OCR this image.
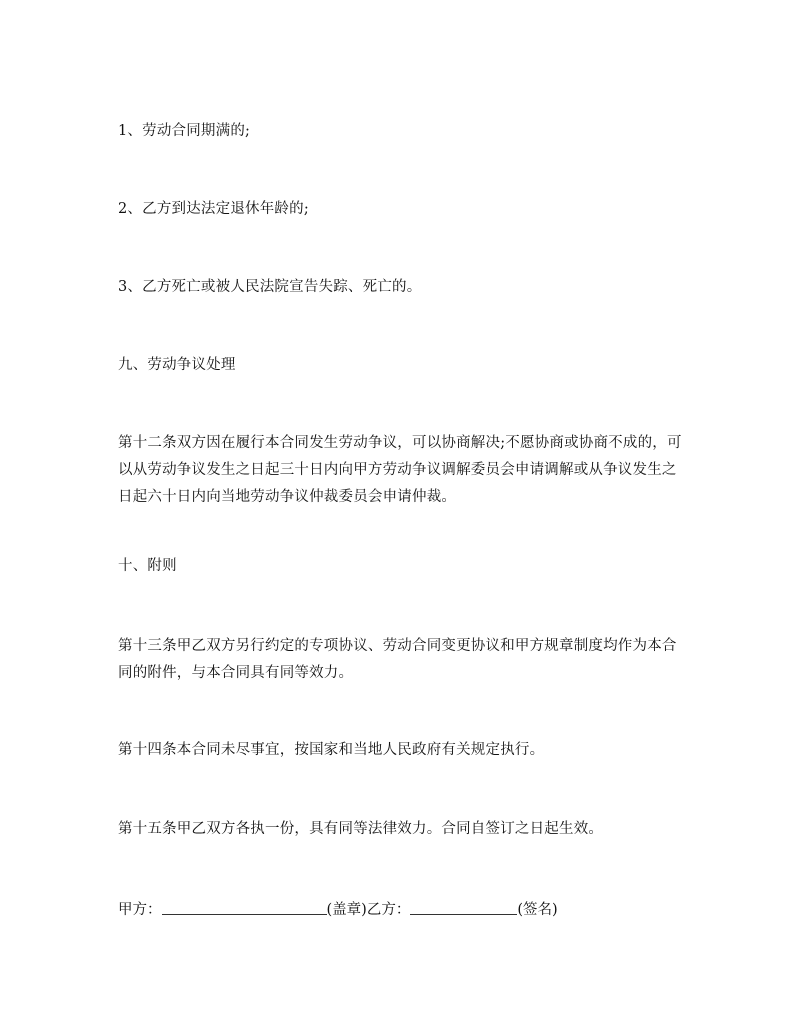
1、劳动合同期满的;

2、乙方到达法定退休年龄的;

3、乙方死亡或被人民法院宣告失踪、死亡的。

九、劳动争议处理

第十二条双方因在履行本合同发生劳动争议，可以协商解决;不愿协商或协商不成的，可以从劳动争议发生之日起三十日内向甲方劳动争议调解委员会申请调解或从争议发生之日起六十日内向当地劳动争议仲裁委员会申请仲裁。

十、附则

第十三条甲乙双方另行约定的专项协议、劳动合同变更协议和甲方规章制度均作为本合同的附件，与本合同具有同等效力。

第十四条本合同未尽事宜，按国家和当地人民政府有关规定执行。

第十五条甲乙双方各执一份，具有同等法律效力。合同自签订之日起生效。

甲方：	(盖章)乙方：	(签名)
